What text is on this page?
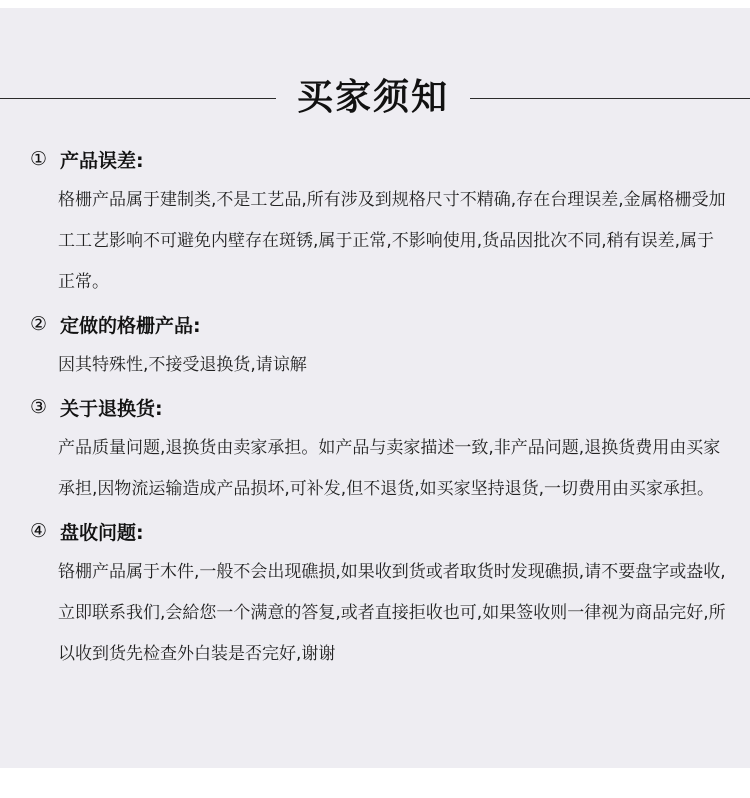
买家须知
① 产品误差:

格栅产品属于建制类,不是工艺品,所有涉及到规格尺寸不精确,存在台理误差,金属格栅受加工工艺影响不可避免内壁存在斑锈,属于正常,不影响使用,货品因批次不同,稍有误差,属于正常。

② 定做的格栅产品:

因其特殊性,不接受退换货,请谅解

③ 关于退换货:

产品质量问题,退换货由卖家承担。如产品与卖家描述一致,非产品问题,退换货费用由买家承担,因物流运输造成产品损坏,可补发,但不退货,如买家坚持退货,一切费用由买家承担。

④ 盘收问题:

铬棚产品属于木件,一般不会出现礁损,如果收到货或者取货时发现礁损,请不要盘字或盎收,立即联系我们,会給您一个满意的答复,或者直接拒收也可,如果签收则一律视为商品完好,所以收到货先检查外白装是否完好,谢谢
